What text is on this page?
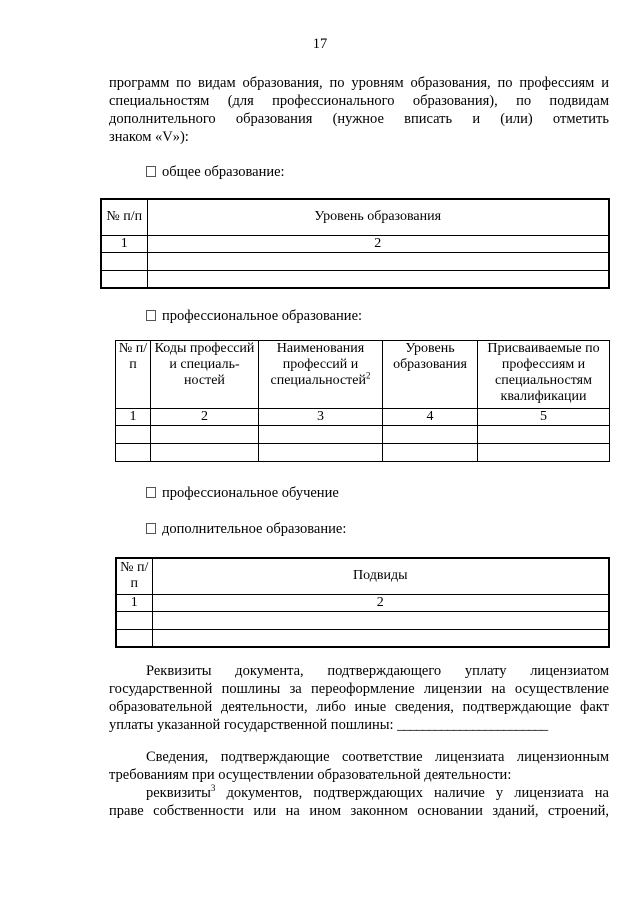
17
программ по видам образования, по уровням образования, по профессиям и
специальностям (для профессионального образования), по подвидам
дополнительного образования (нужное вписать и (или) отметить
знаком «V»):
общее образование:
№ п/п	Уровень образования
1	2

профессиональное образование:
№ п/п	Коды профессий и специаль-ностей	Наименования профессий и специальностей$^2$	Уровень образования	Присваиваемые по профессиям и специальностям квалификации
1	2	3	4	5

профессиональное обучение
дополнительное образование:
№ п/п	Подвиды
1	2

Реквизиты документа, подтверждающего уплату лицензиатом
государственной пошлины за переоформление лицензии на осуществление
образовательной деятельности, либо иные сведения, подтверждающие факт
уплаты указанной государственной пошлины: ________________________
Сведения, подтверждающие соответствие лицензиата лицензионным
требованиям при осуществлении образовательной деятельности:
реквизиты$^3$ документов, подтверждающих наличие у лицензиата на
праве собственности или на ином законном основании зданий, строений,
